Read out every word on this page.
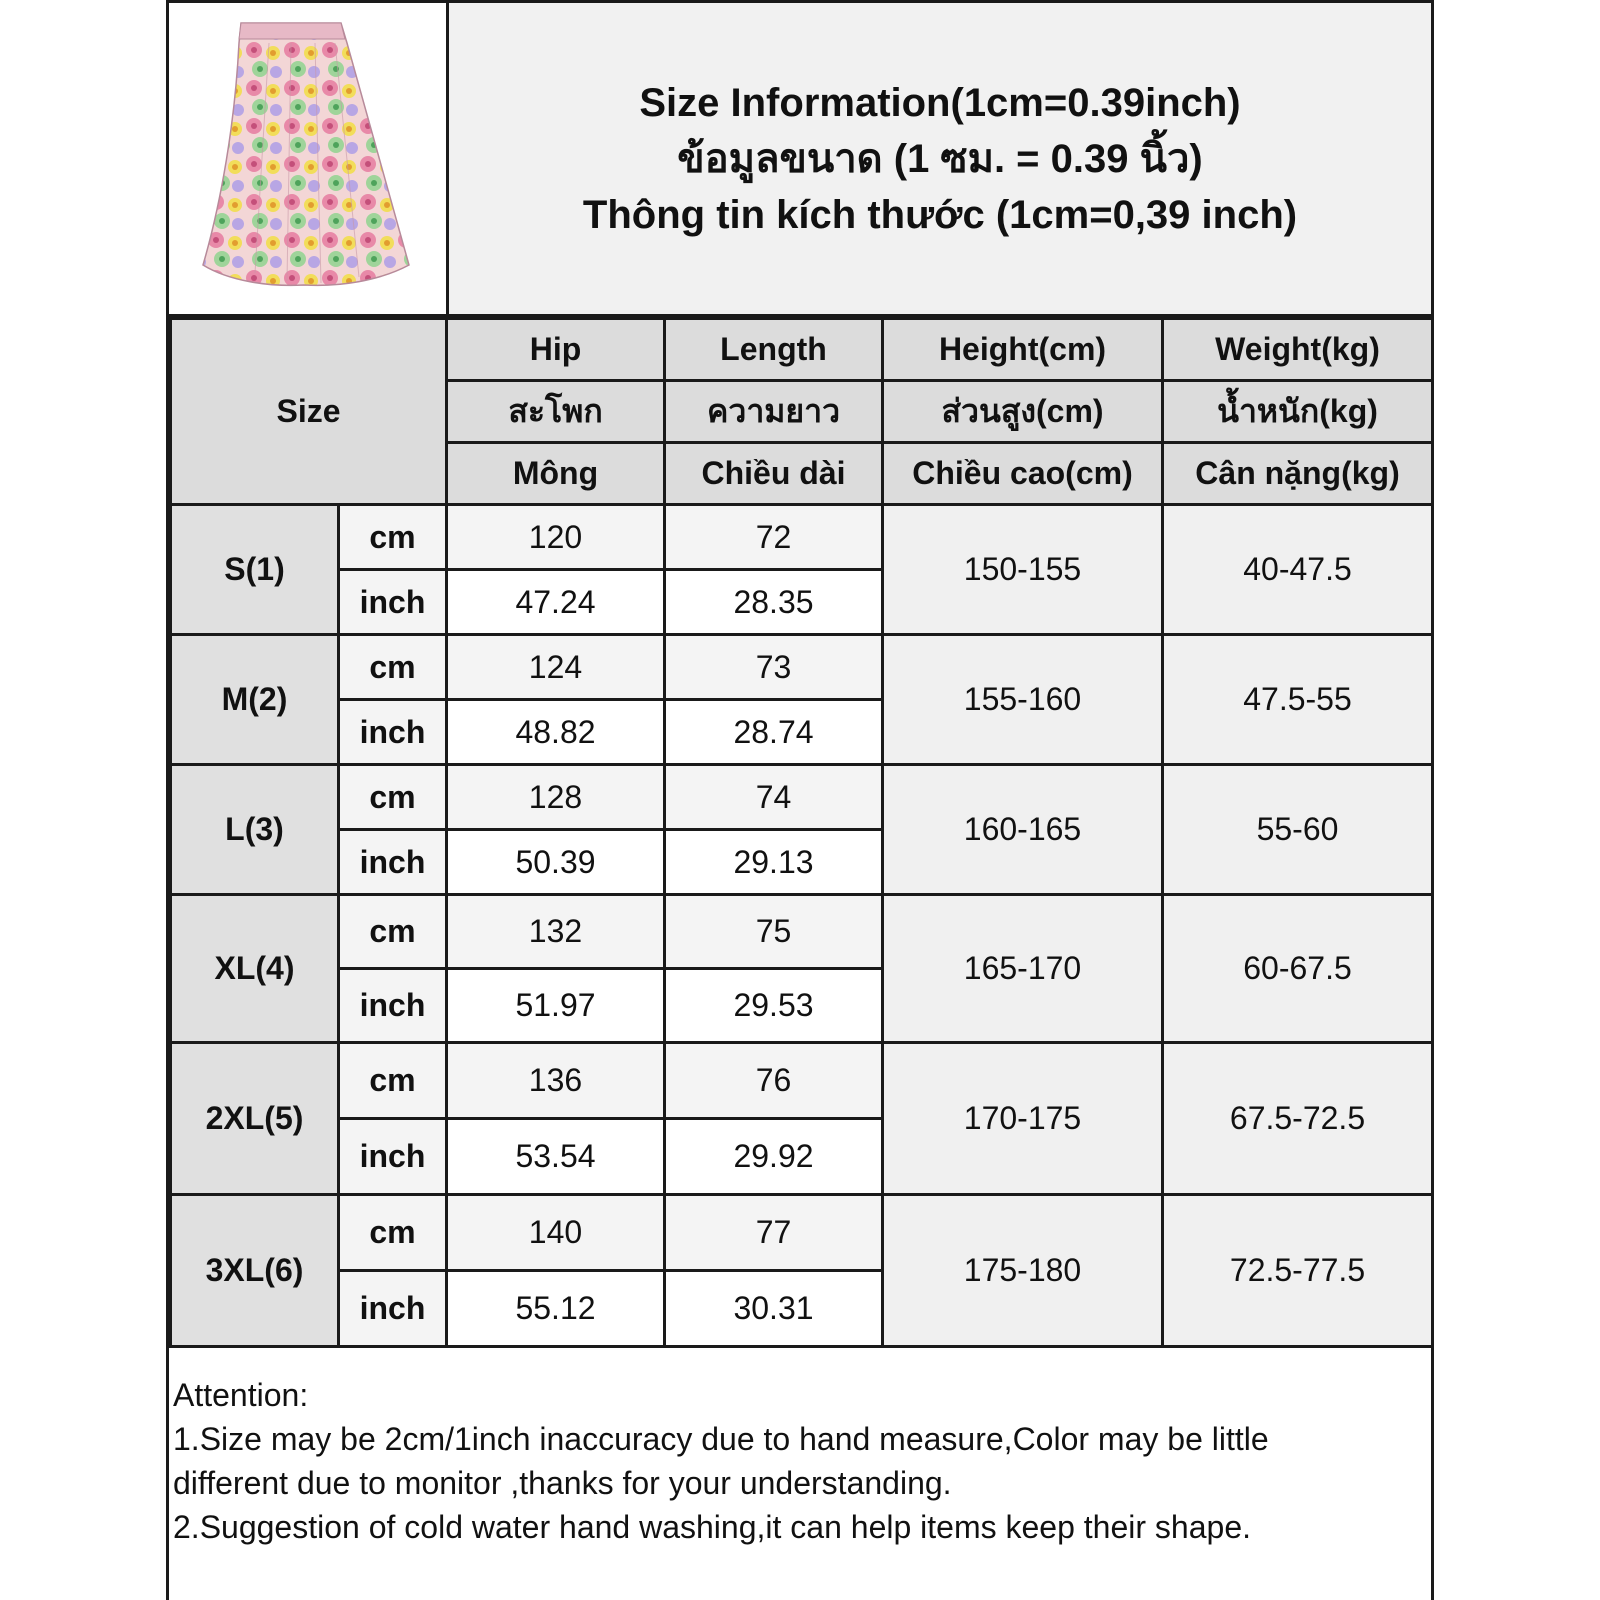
Size Information(1cm=0.39inch)
ข้อมูลขนาด (1 ซม. = 0.39 นิ้ว)
Thông tin kích thước (1cm=0,39 inch)
Size		Hip	Length	Height(cm)	Weight(kg)
		สะโพก	ความยาว	ส่วนสูง(cm)	น้ำหนัก(kg)
		Mông	Chiều dài	Chiều cao(cm)	Cân nặng(kg)
S(1)	cm	120	72	150-155	40-47.5
	inch	47.24	28.35		
M(2)	cm	124	73	155-160	47.5-55
	inch	48.82	28.74		
L(3)	cm	128	74	160-165	55-60
	inch	50.39	29.13		
XL(4)	cm	132	75	165-170	60-67.5
	inch	51.97	29.53		
2XL(5)	cm	136	76	170-175	67.5-72.5
	inch	53.54	29.92		
3XL(6)	cm	140	77	175-180	72.5-77.5
	inch	55.12	30.31		
Attention:
1.Size may be 2cm/1inch inaccuracy due to hand measure,Color may be little
different due to monitor ,thanks for your understanding.
2.Suggestion of cold water hand washing,it can help items keep their shape.
